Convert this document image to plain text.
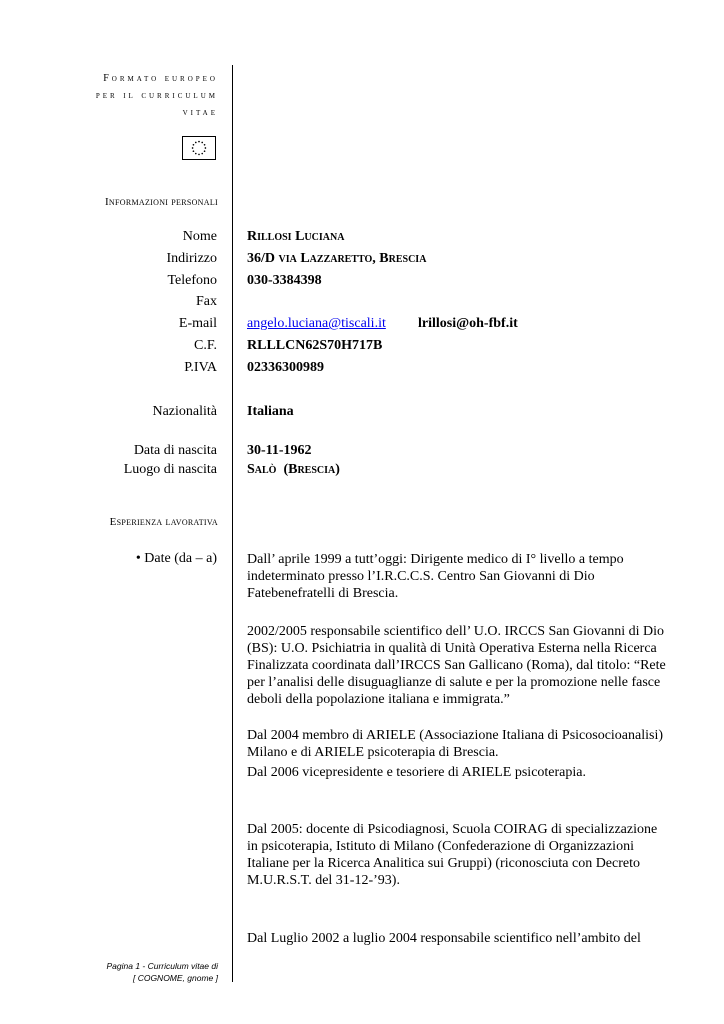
Formato europeo
per il curriculum
vitae
Informazioni personali
Nome Rillosi Luciana
Indirizzo 36/D via Lazzaretto, Brescia
Telefono 030-3384398
Fax
E-mail angelo.luciana@tiscali.it lrillosi@oh-fbf.it
C.F. RLLLCN62S70H717B
P.IVA 02336300989
Nazionalità Italiana
Data di nascita 30-11-1962
Luogo di nascita Salò  (Brescia)
Esperienza lavorativa
• Date (da – a) Dall’ aprile 1999 a tutt’oggi: Dirigente medico di I° livello a tempo indeterminato presso l’I.R.C.C.S. Centro San Giovanni di Dio Fatebenefratelli di Brescia.
2002/2005 responsabile scientifico dell’ U.O. IRCCS San Giovanni di Dio (BS): U.O. Psichiatria in qualità di Unità Operativa Esterna nella Ricerca Finalizzata coordinata dall’IRCCS San Gallicano (Roma), dal titolo: “Rete per l’analisi delle disuguaglianze di salute e per la promozione nelle fasce deboli della popolazione italiana e immigrata.”
Dal 2004 membro di ARIELE (Associazione Italiana di Psicosocioanalisi) Milano e di ARIELE psicoterapia di Brescia.
Dal 2006 vicepresidente e tesoriere di ARIELE psicoterapia.
Dal 2005: docente di Psicodiagnosi, Scuola COIRAG di specializzazione in psicoterapia, Istituto di Milano (Confederazione di Organizzazioni Italiane per la Ricerca Analitica sui Gruppi) (riconosciuta con Decreto M.U.R.S.T. del 31-12-’93).
Dal Luglio 2002 a luglio 2004 responsabile scientifico nell’ambito del
Pagina 1 - Curriculum vitae di
[ COGNOME, gnome ]
